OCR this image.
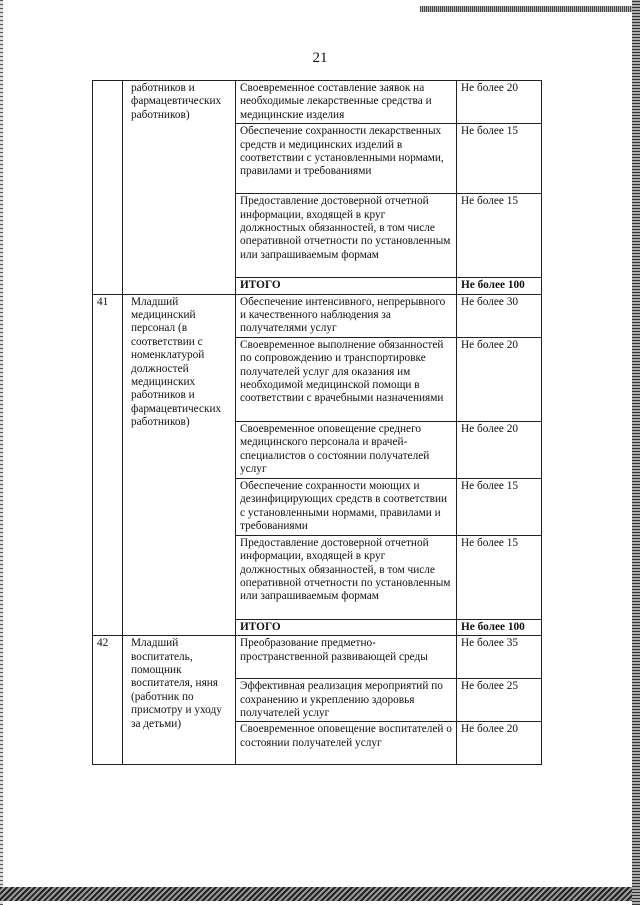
21
	работников и фармацевтических работников)	Своевременное составление заявок на необходимые лекарственные средства и медицинские изделия	Не более 20
		Обеспечение сохранности лекарственных средств и медицинских изделий в соответствии с установленными нормами, правилами и требованиями	Не более 15
		Предоставление достоверной отчетной информации, входящей в круг должностных обязанностей, в том числе оперативной отчетности по установленным или запрашиваемым формам	Не более 15
		ИТОГО	Не более 100
41	Младший медицинский персонал (в соответствии с номенклатурой должностей медицинских работников и фармацевтических работников)	Обеспечение интенсивного, непрерывного и качественного наблюдения за получателями услуг	Не более 30
		Своевременное выполнение обязанностей по сопровождению и транспортировке получателей услуг для оказания им необходимой медицинской помощи в соответствии с врачебными назначениями	Не более 20
		Своевременное оповещение среднего медицинского персонала и врачей-специалистов о состоянии получателей услуг	Не более 20
		Обеспечение сохранности моющих и дезинфицирующих средств в соответствии с установленными нормами, правилами и требованиями	Не более 15
		Предоставление достоверной отчетной информации, входящей в круг должностных обязанностей, в том числе оперативной отчетности по установленным или запрашиваемым формам	Не более 15
		ИТОГО	Не более 100
42	Младший воспитатель, помощник воспитателя, няня (работник по присмотру и уходу за детьми)	Преобразование предметно-пространственной развивающей среды	Не более 35
		Эффективная реализация мероприятий по сохранению и укреплению здоровья получателей услуг	Не более 25
		Своевременное оповещение воспитателей о состоянии получателей услуг	Не более 20
